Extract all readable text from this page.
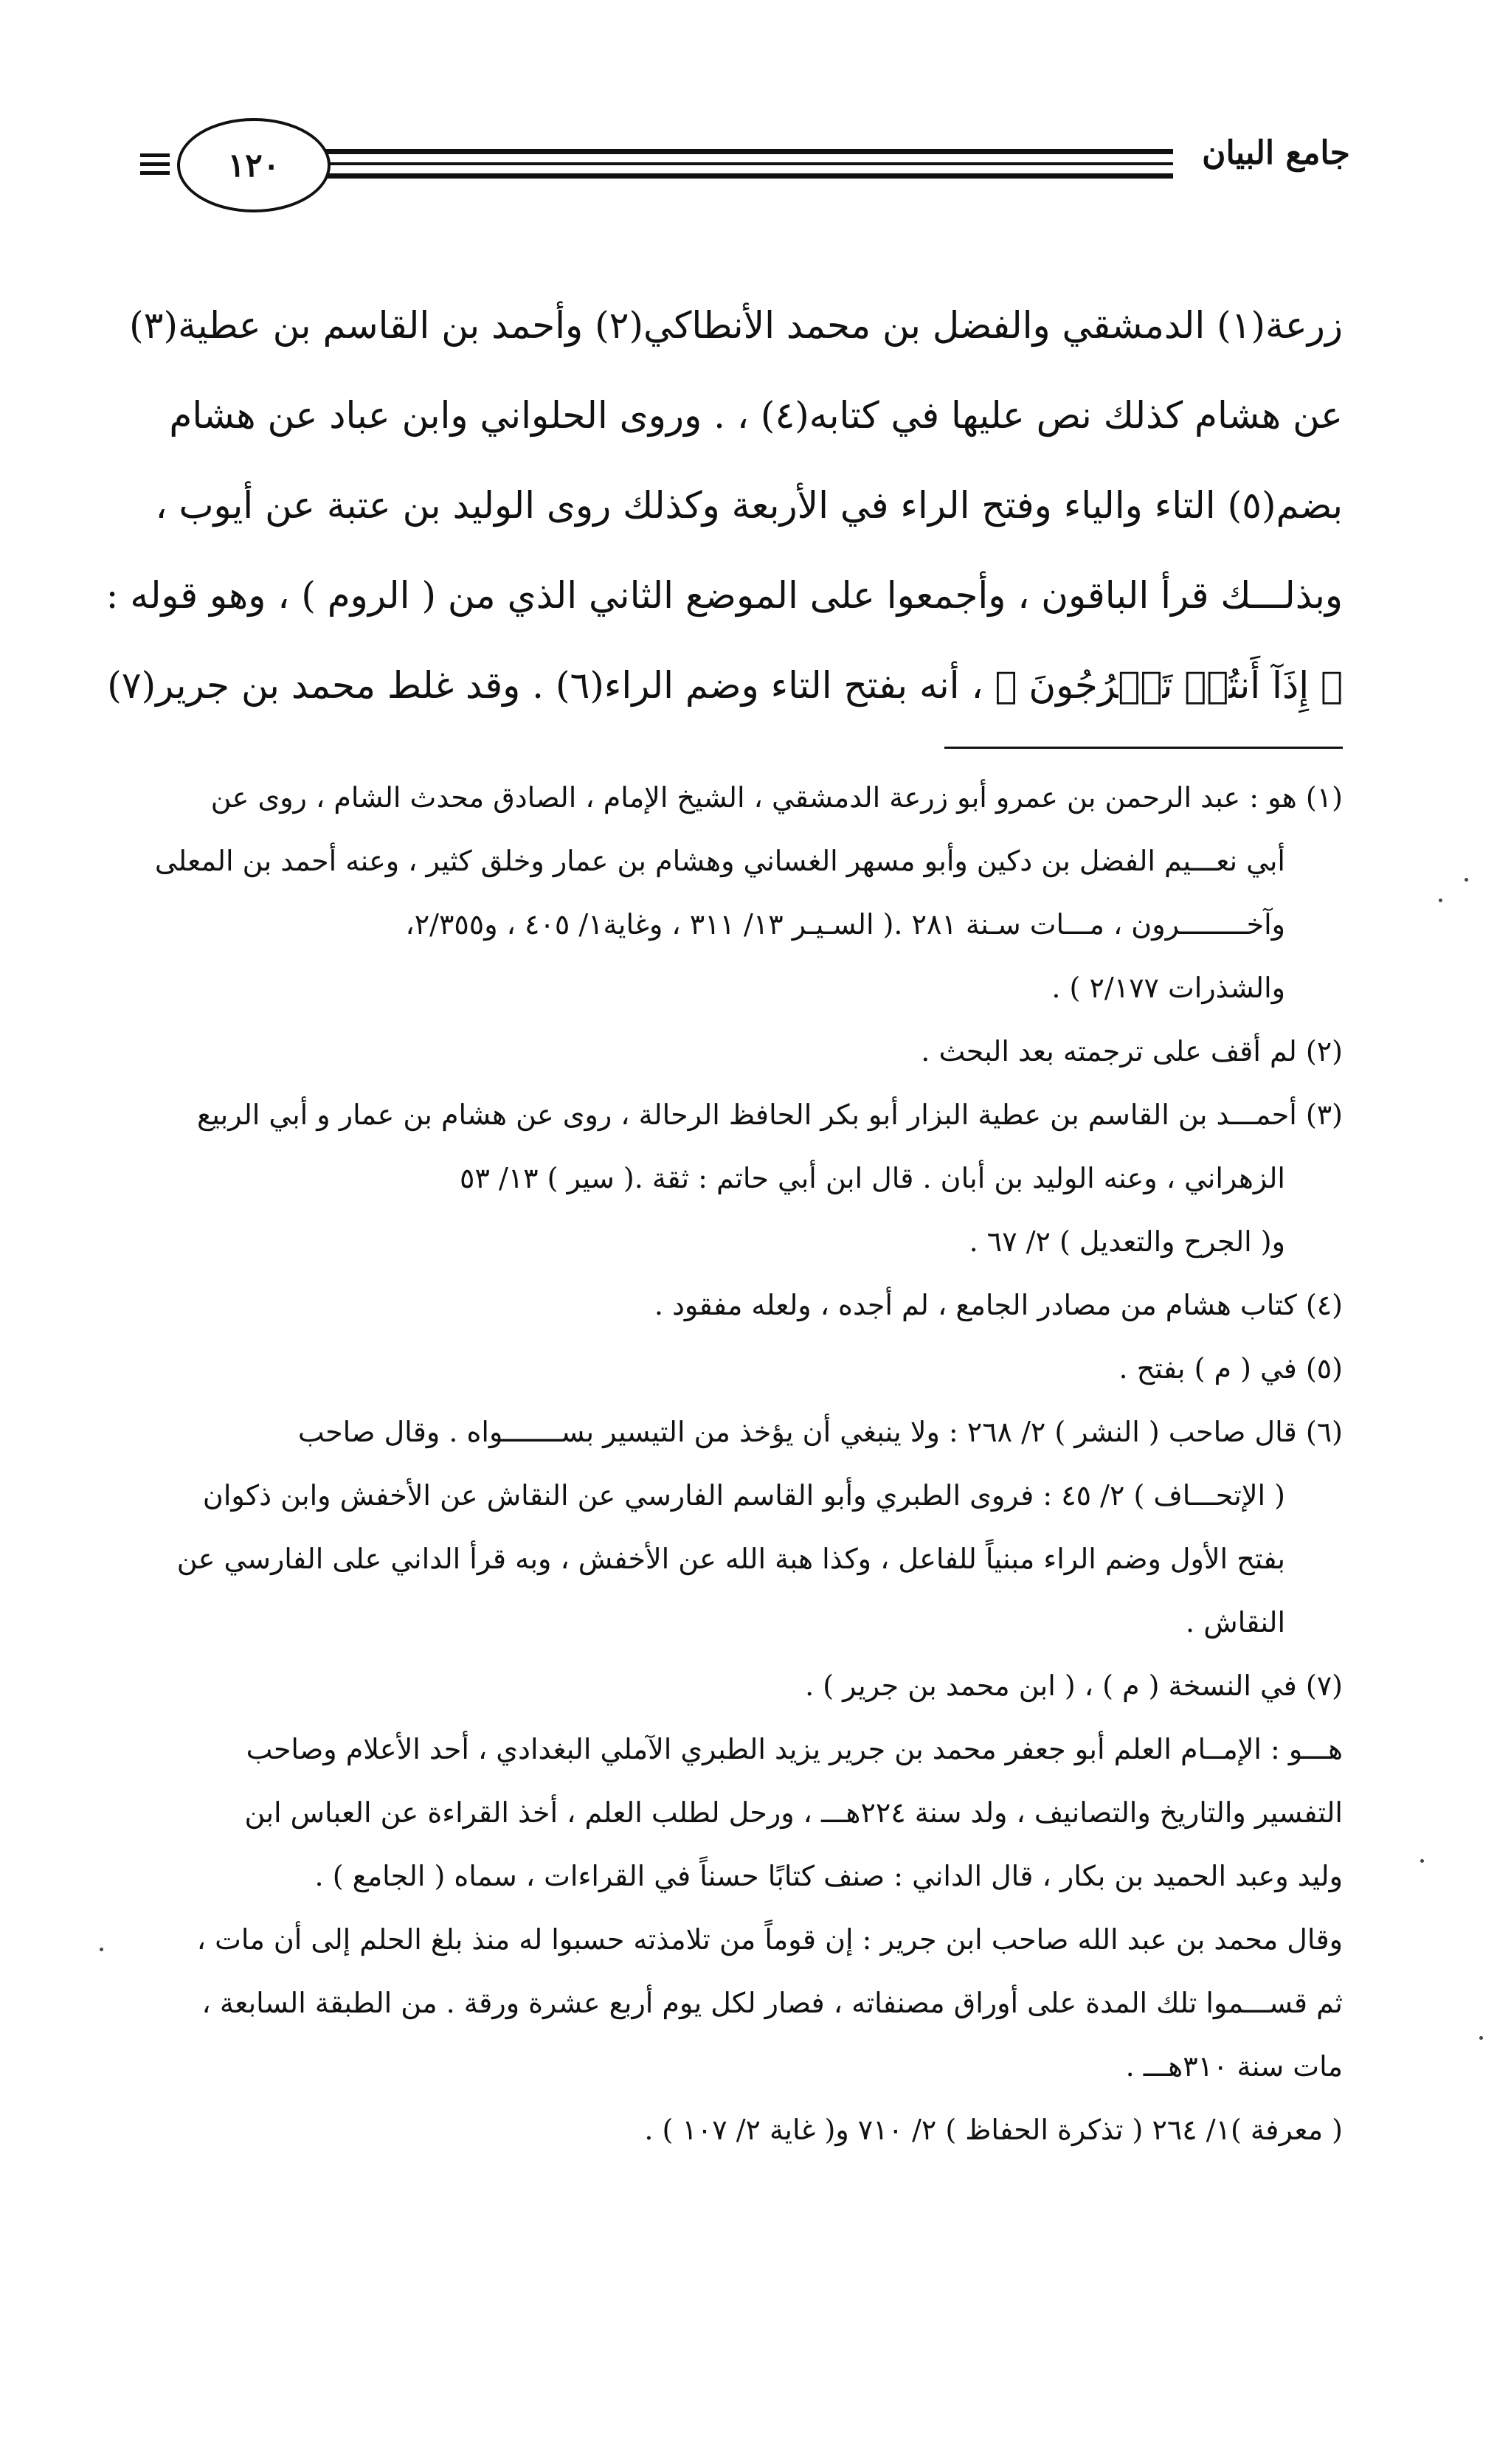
١٢٠	جامع البيان
زرعة(١) الدمشقي والفضل بن محمد الأنطاكي(٢) وأحمد بن القاسم بن عطية(٣)
عن هشام كذلك نص عليها في كتابه(٤) ، . وروى الحلواني وابن عباد عن هشام
بضم(٥) التاء والياء وفتح الراء في الأربعة وكذلك روى الوليد بن عتبة عن أيوب ،
وبذلـــك قرأ الباقون ، وأجمعوا على الموضع الثاني الذي من ( الروم ) ، وهو قوله :
﴿ إِذَآ أَنتُمۡ تَخۡرُجُونَ ﴾ ، أنه بفتح التاء وضم الراء(٦) . وقد غلط محمد بن جرير(٧)
(١) هو : عبد الرحمن بن عمرو أبو زرعة الدمشقي ، الشيخ الإمام ، الصادق محدث الشام ، روى عن
أبي نعـــيم الفضل بن دكين وأبو مسهر الغساني وهشام بن عمار وخلق كثير ، وعنه أحمد بن المعلى
وآخــــــــرون ، مـــات سـنة ٢٨١ .( السـيـر ١٣/ ٣١١ ، وغاية١/ ٤٠٥ ، و٢/٣٥٥،
والشذرات ٢/١٧٧ ) .
(٢) لم أقف على ترجمته بعد البحث .
(٣) أحمـــد بن القاسم بن عطية البزار أبو بكر الحافظ الرحالة ، روى عن هشام بن عمار و أبي الربيع
الزهراني ، وعنه الوليد بن أبان . قال ابن أبي حاتم : ثقة .( سير ) ١٣/ ٥٣
و( الجرح والتعديل ) ٢/ ٦٧ .
(٤) كتاب هشام من مصادر الجامع ، لم أجده ، ولعله مفقود .
(٥) في ( م ) بفتح .
(٦) قال صاحب ( النشر ) ٢/ ٢٦٨ : ولا ينبغي أن يؤخذ من التيسير بســـــــواه . وقال صاحب
( الإتحـــاف ) ٢/ ٤٥ : فروى الطبري وأبو القاسم الفارسي عن النقاش عن الأخفش وابن ذكوان
بفتح الأول وضم الراء مبنياً للفاعل ، وكذا هبة الله عن الأخفش ، وبه قرأ الداني على الفارسي عن
النقاش .
(٧) في النسخة ( م ) ، ( ابن محمد بن جرير ) .
هـــو : الإمــام العلم أبو جعفر محمد بن جرير يزيد الطبري الآملي البغدادي ، أحد الأعلام وصاحب
التفسير والتاريخ والتصانيف ، ولد سنة ٢٢٤هـــ ، ورحل لطلب العلم ، أخذ القراءة عن العباس ابن
وليد وعبد الحميد بن بكار ، قال الداني : صنف كتابًا حسناً في القراءات ، سماه ( الجامع ) .
وقال محمد بن عبد الله صاحب ابن جرير : إن قوماً من تلامذته حسبوا له منذ بلغ الحلم إلى أن مات ،
ثم قســـموا تلك المدة على أوراق مصنفاته ، فصار لكل يوم أربع عشرة ورقة . من الطبقة السابعة ،
مات سنة ٣١٠هـــ .
( معرفة )١/ ٢٦٤ ( تذكرة الحفاظ ) ٢/ ٧١٠ و( غاية ٢/ ١٠٧ ) .
